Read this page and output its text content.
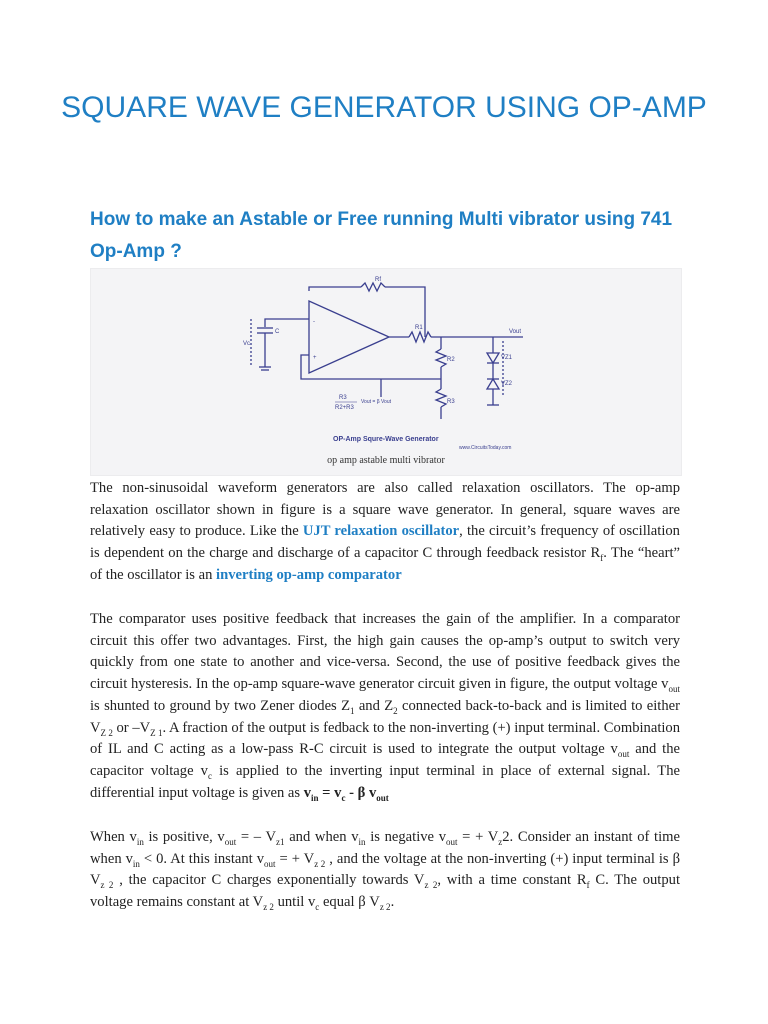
SQUARE WAVE GENERATOR USING OP-AMP
How to make an Astable or Free running Multi vibrator using 741 Op-Amp ?
Rf
R1
R2
R3
C
Vc
Vout
VZ1
VZ2
-
+
R3
R2+R3
Vout = β Vout
OP-Amp Squre-Wave Generator
www.CircuitsToday.com
op amp astable multi vibrator

The non-sinusoidal waveform generators are also called relaxation oscillators. The op-amp relaxation oscillator shown in figure is a square wave generator. In general, square waves are relatively easy to produce. Like the UJT relaxation oscillator, the circuit’s frequency of oscillation is dependent on the charge and discharge of a capacitor C through feedback resistor $R_f$. The “heart” of the oscillator is an inverting op-amp comparator

The comparator uses positive feedback that increases the gain of the amplifier. In a comparator circuit this offer two advantages. First, the high gain causes the op-amp’s output to switch very quickly from one state to another and vice-versa. Second, the use of positive feedback gives the circuit hysteresis. In the op-amp square-wave generator circuit given in figure, the output voltage $v_{out}$ is shunted to ground by two Zener diodes $Z_1$ and $Z_2$ connected back-to-back and is limited to either $V_{Z 2}$ or $-V_{Z 1}$. A fraction of the output is fedback to the non-inverting (+) input terminal. Combination of IL and C acting as a low-pass R-C circuit is used to integrate the output voltage $v_{out}$ and the capacitor voltage $v_c$ is applied to the inverting input terminal in place of external signal. The differential input voltage is given as $v_{in} = v_c - \beta$ $v_{out}$

When $v_{in}$ is positive, $v_{out}$ = – $V_{z1}$ and when $v_{in}$ is negative $v_{out}$ = + $V_z2$. Consider an instant of time when $v_{in} < 0$. At this instant $v_{out}$ = + $V_{z 2}$ , and the voltage at the non-inverting (+) input terminal is β $V_{z 2}$ , the capacitor C charges exponentially towards $V_{z 2}$, with a time constant $R_f$ C. The output voltage remains constant at $V_{z 2}$ until $v_c$ equal β $V_{z 2}$.
